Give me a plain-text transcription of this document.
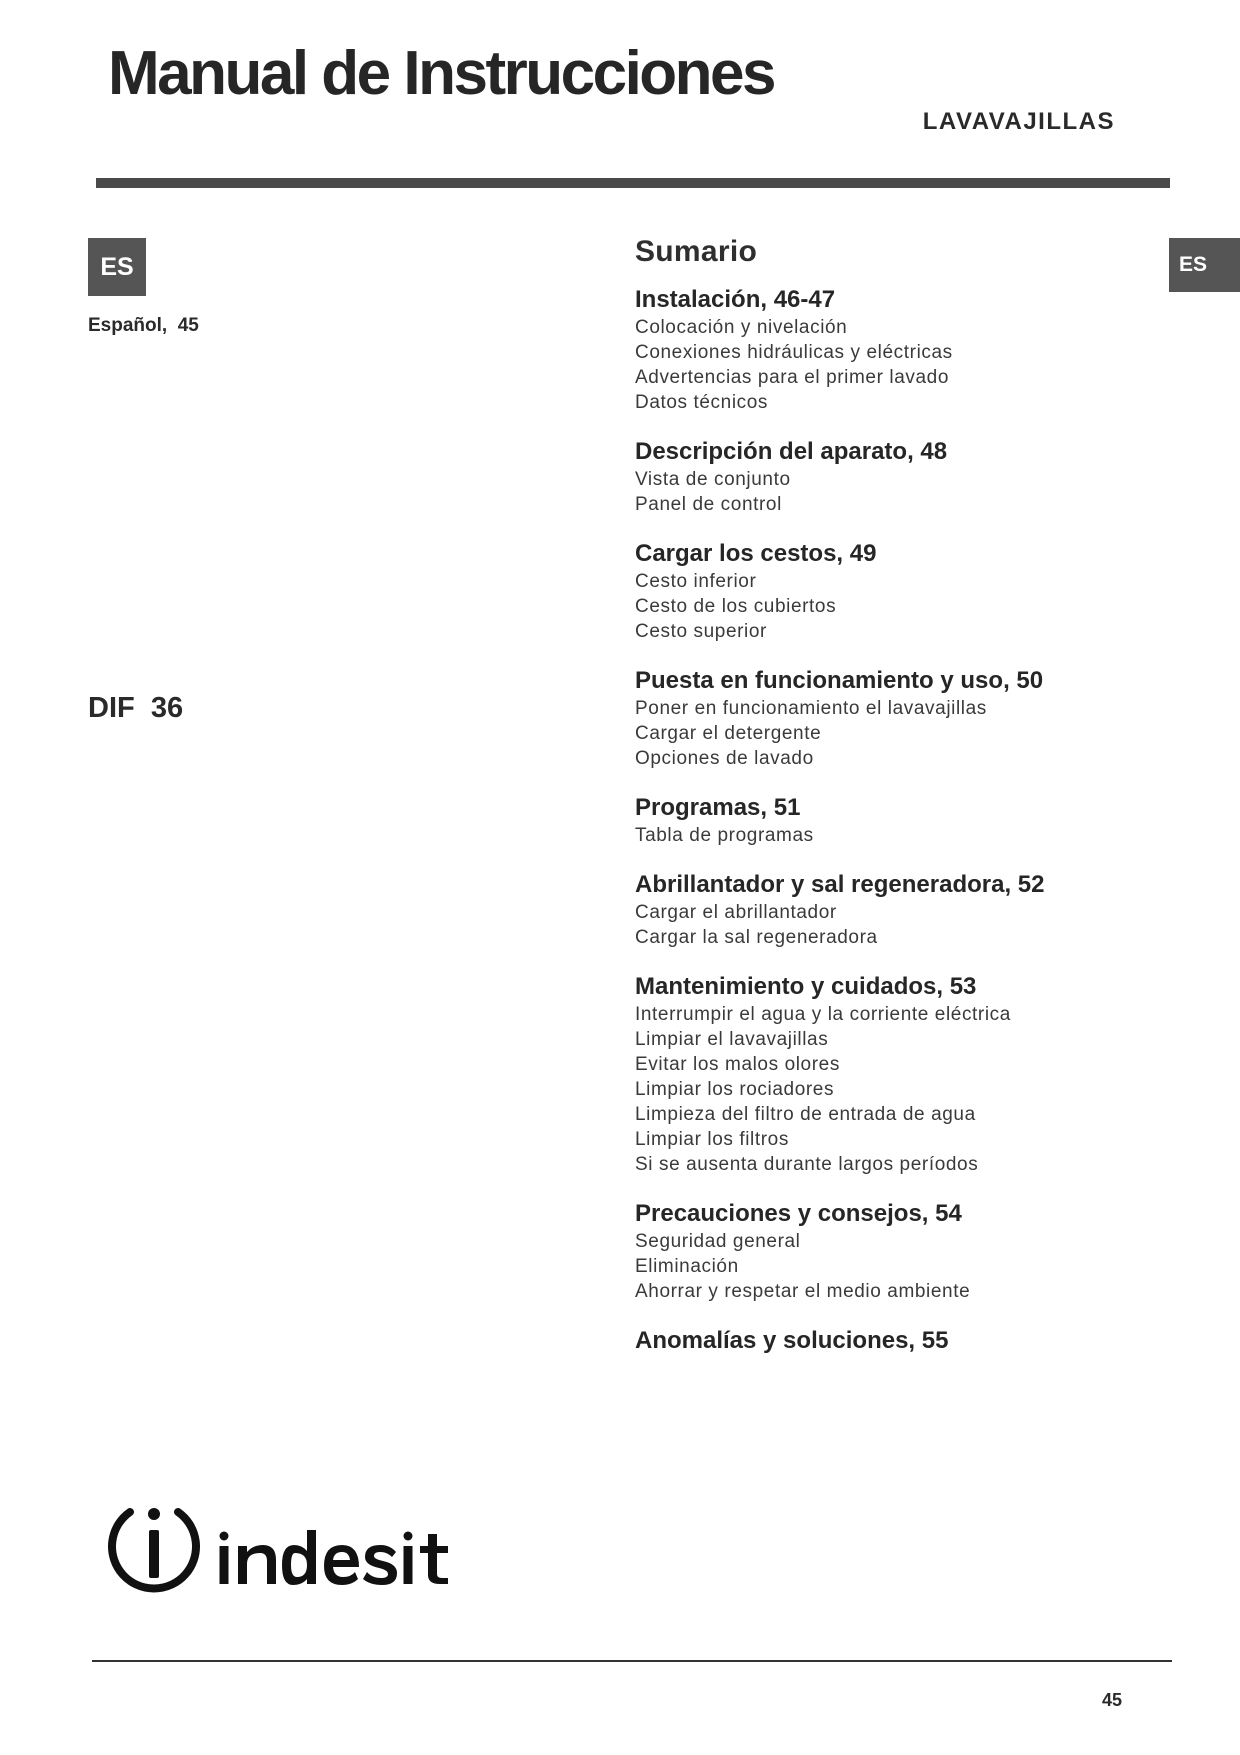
Manual de Instrucciones
LAVAVAJILLAS
ES
Español,  45
DIF  36
ES
Sumario
Instalación, 46-47
Colocación y nivelación
Conexiones hidráulicas y eléctricas
Advertencias para el primer lavado
Datos técnicos
Descripción del aparato, 48
Vista de conjunto
Panel de control
Cargar los cestos, 49
Cesto inferior
Cesto de los cubiertos
Cesto superior
Puesta en funcionamiento y uso, 50
Poner en funcionamiento el lavavajillas
Cargar el detergente
Opciones de lavado
Programas, 51
Tabla de programas
Abrillantador y sal regeneradora, 52
Cargar el abrillantador
Cargar la sal regeneradora
Mantenimiento y cuidados, 53
Interrumpir el agua y la corriente eléctrica
Limpiar el lavavajillas
Evitar los malos olores
Limpiar los rociadores
Limpieza del filtro de entrada de agua
Limpiar los filtros
Si se ausenta durante largos períodos
Precauciones y consejos, 54
Seguridad general
Eliminación
Ahorrar y respetar el medio ambiente
Anomalías y soluciones, 55
45
